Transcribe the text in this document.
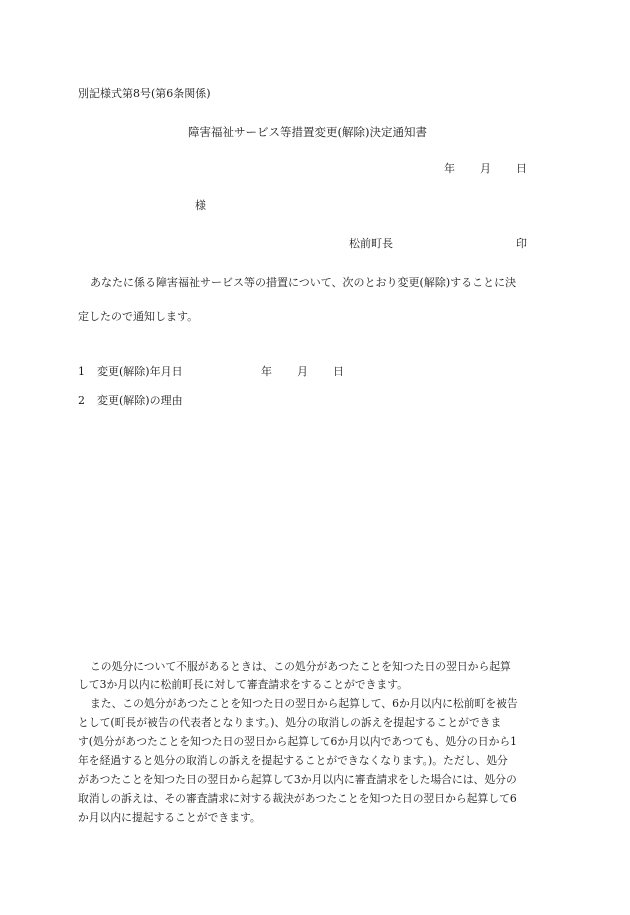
別記様式第8号(第6条関係)
障害福祉サービス等措置変更(解除)決定通知書
年 月 日
様
松前町長	印
あなたに係る障害福祉サービス等の措置について、次のとおり変更(解除)することに決
定したので通知します。
1 変更(解除)年月日	年 月 日
2 変更(解除)の理由
この処分について不服があるときは、この処分があつたことを知つた日の翌日から起算
して3か月以内に松前町長に対して審査請求をすることができます。
また、この処分があつたことを知つた日の翌日から起算して、6か月以内に松前町を被告
として(町長が被告の代表者となります。)、処分の取消しの訴えを提起することができま
す(処分があつたことを知つた日の翌日から起算して6か月以内であつても、処分の日から1
年を経過すると処分の取消しの訴えを提起することができなくなります。)。ただし、処分
があつたことを知つた日の翌日から起算して3か月以内に審査請求をした場合には、処分の
取消しの訴えは、その審査請求に対する裁決があつたことを知つた日の翌日から起算して6
か月以内に提起することができます。
